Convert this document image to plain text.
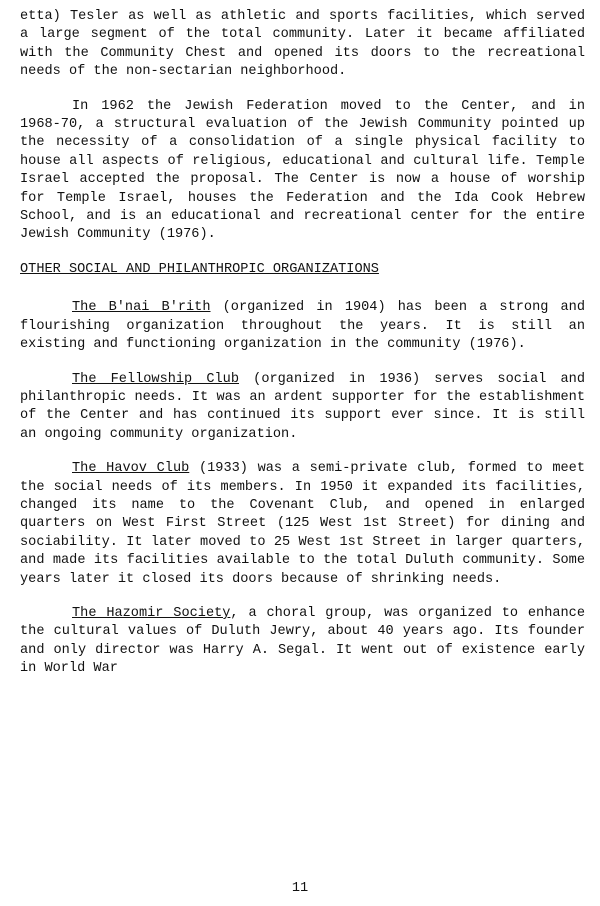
etta) Tesler as well as athletic and sports facilities, which served a large segment of the total community. Later it became affiliated with the Community Chest and opened its doors to the recreational needs of the non-sectarian neighborhood.

In 1962 the Jewish Federation moved to the Center, and in 1968-70, a structural evaluation of the Jewish Community pointed up the necessity of a consolidation of a single physical facility to house all aspects of religious, educational and cultural life. Temple Israel accepted the proposal. The Center is now a house of worship for Temple Israel, houses the Federation and the Ida Cook Hebrew School, and is an educational and recreational center for the entire Jewish Community (1976).

OTHER SOCIAL AND PHILANTHROPIC ORGANIZATIONS

The B'nai B'rith (organized in 1904) has been a strong and flourishing organization throughout the years. It is still an existing and functioning organization in the community (1976).

The Fellowship Club (organized in 1936) serves social and philanthropic needs. It was an ardent supporter for the establishment of the Center and has continued its support ever since. It is still an ongoing community organization.

The Havov Club (1933) was a semi-private club, formed to meet the social needs of its members. In 1950 it expanded its facilities, changed its name to the Covenant Club, and opened in enlarged quarters on West First Street (125 West 1st Street) for dining and sociability. It later moved to 25 West 1st Street in larger quarters, and made its facilities available to the total Duluth community. Some years later it closed its doors because of shrinking needs.

The Hazomir Society, a choral group, was organized to enhance the cultural values of Duluth Jewry, about 40 years ago. Its founder and only director was Harry A. Segal. It went out of existence early in World War

11
